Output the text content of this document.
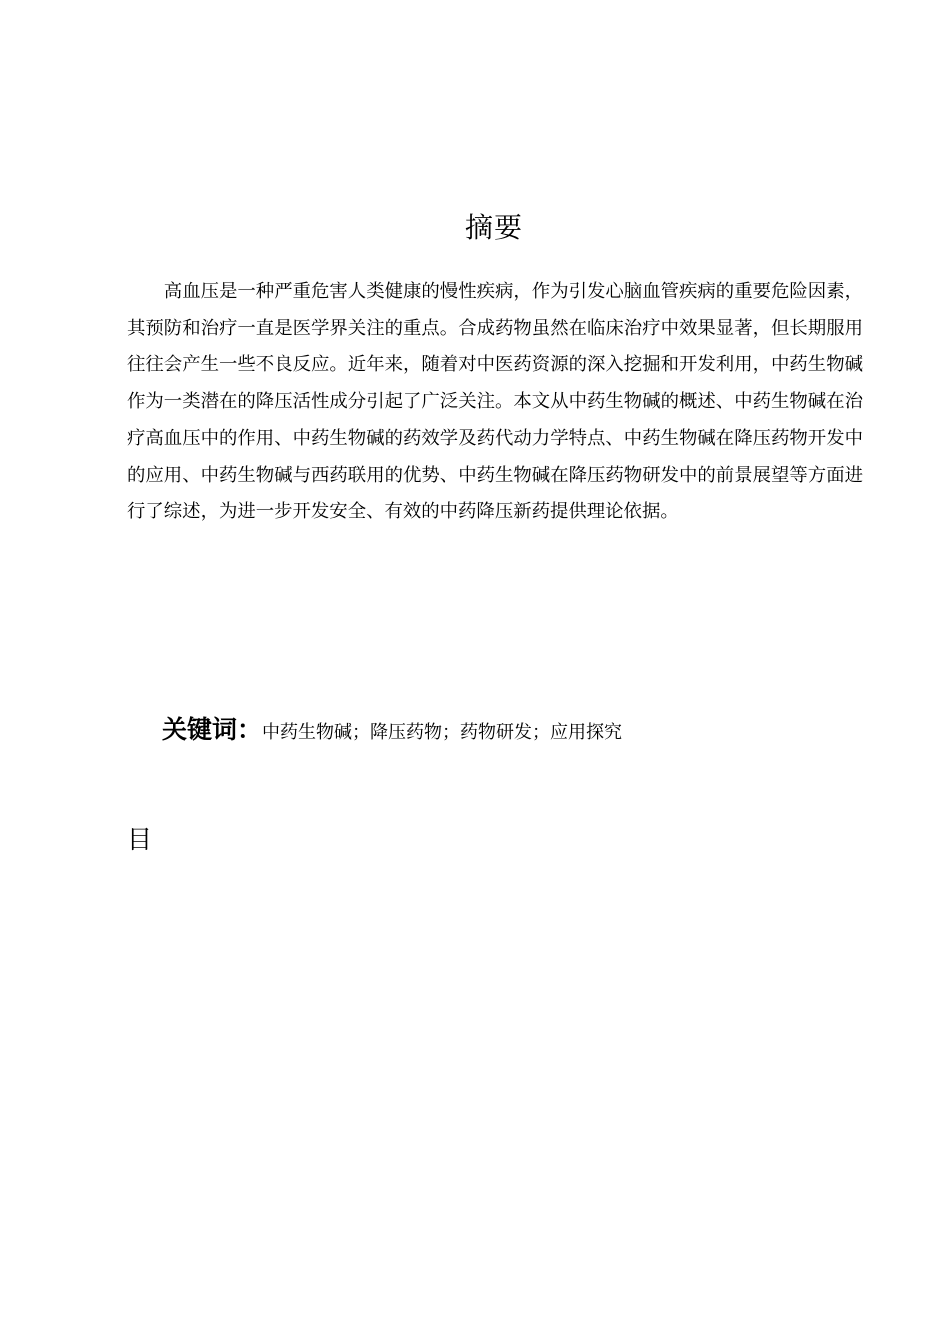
摘要

高血压是一种严重危害人类健康的慢性疾病，作为引发心脑血管疾病的重要危险因素，其预防和治疗一直是医学界关注的重点。合成药物虽然在临床治疗中效果显著，但长期服用往往会产生一些不良反应。近年来，随着对中医药资源的深入挖掘和开发利用，中药生物碱作为一类潜在的降压活性成分引起了广泛关注。本文从中药生物碱的概述、中药生物碱在治疗高血压中的作用、中药生物碱的药效学及药代动力学特点、中药生物碱在降压药物开发中的应用、中药生物碱与西药联用的优势、中药生物碱在降压药物研发中的前景展望等方面进行了综述，为进一步开发安全、有效的中药降压新药提供理论依据。

关键词：中药生物碱；降压药物；药物研发；应用探究

目
